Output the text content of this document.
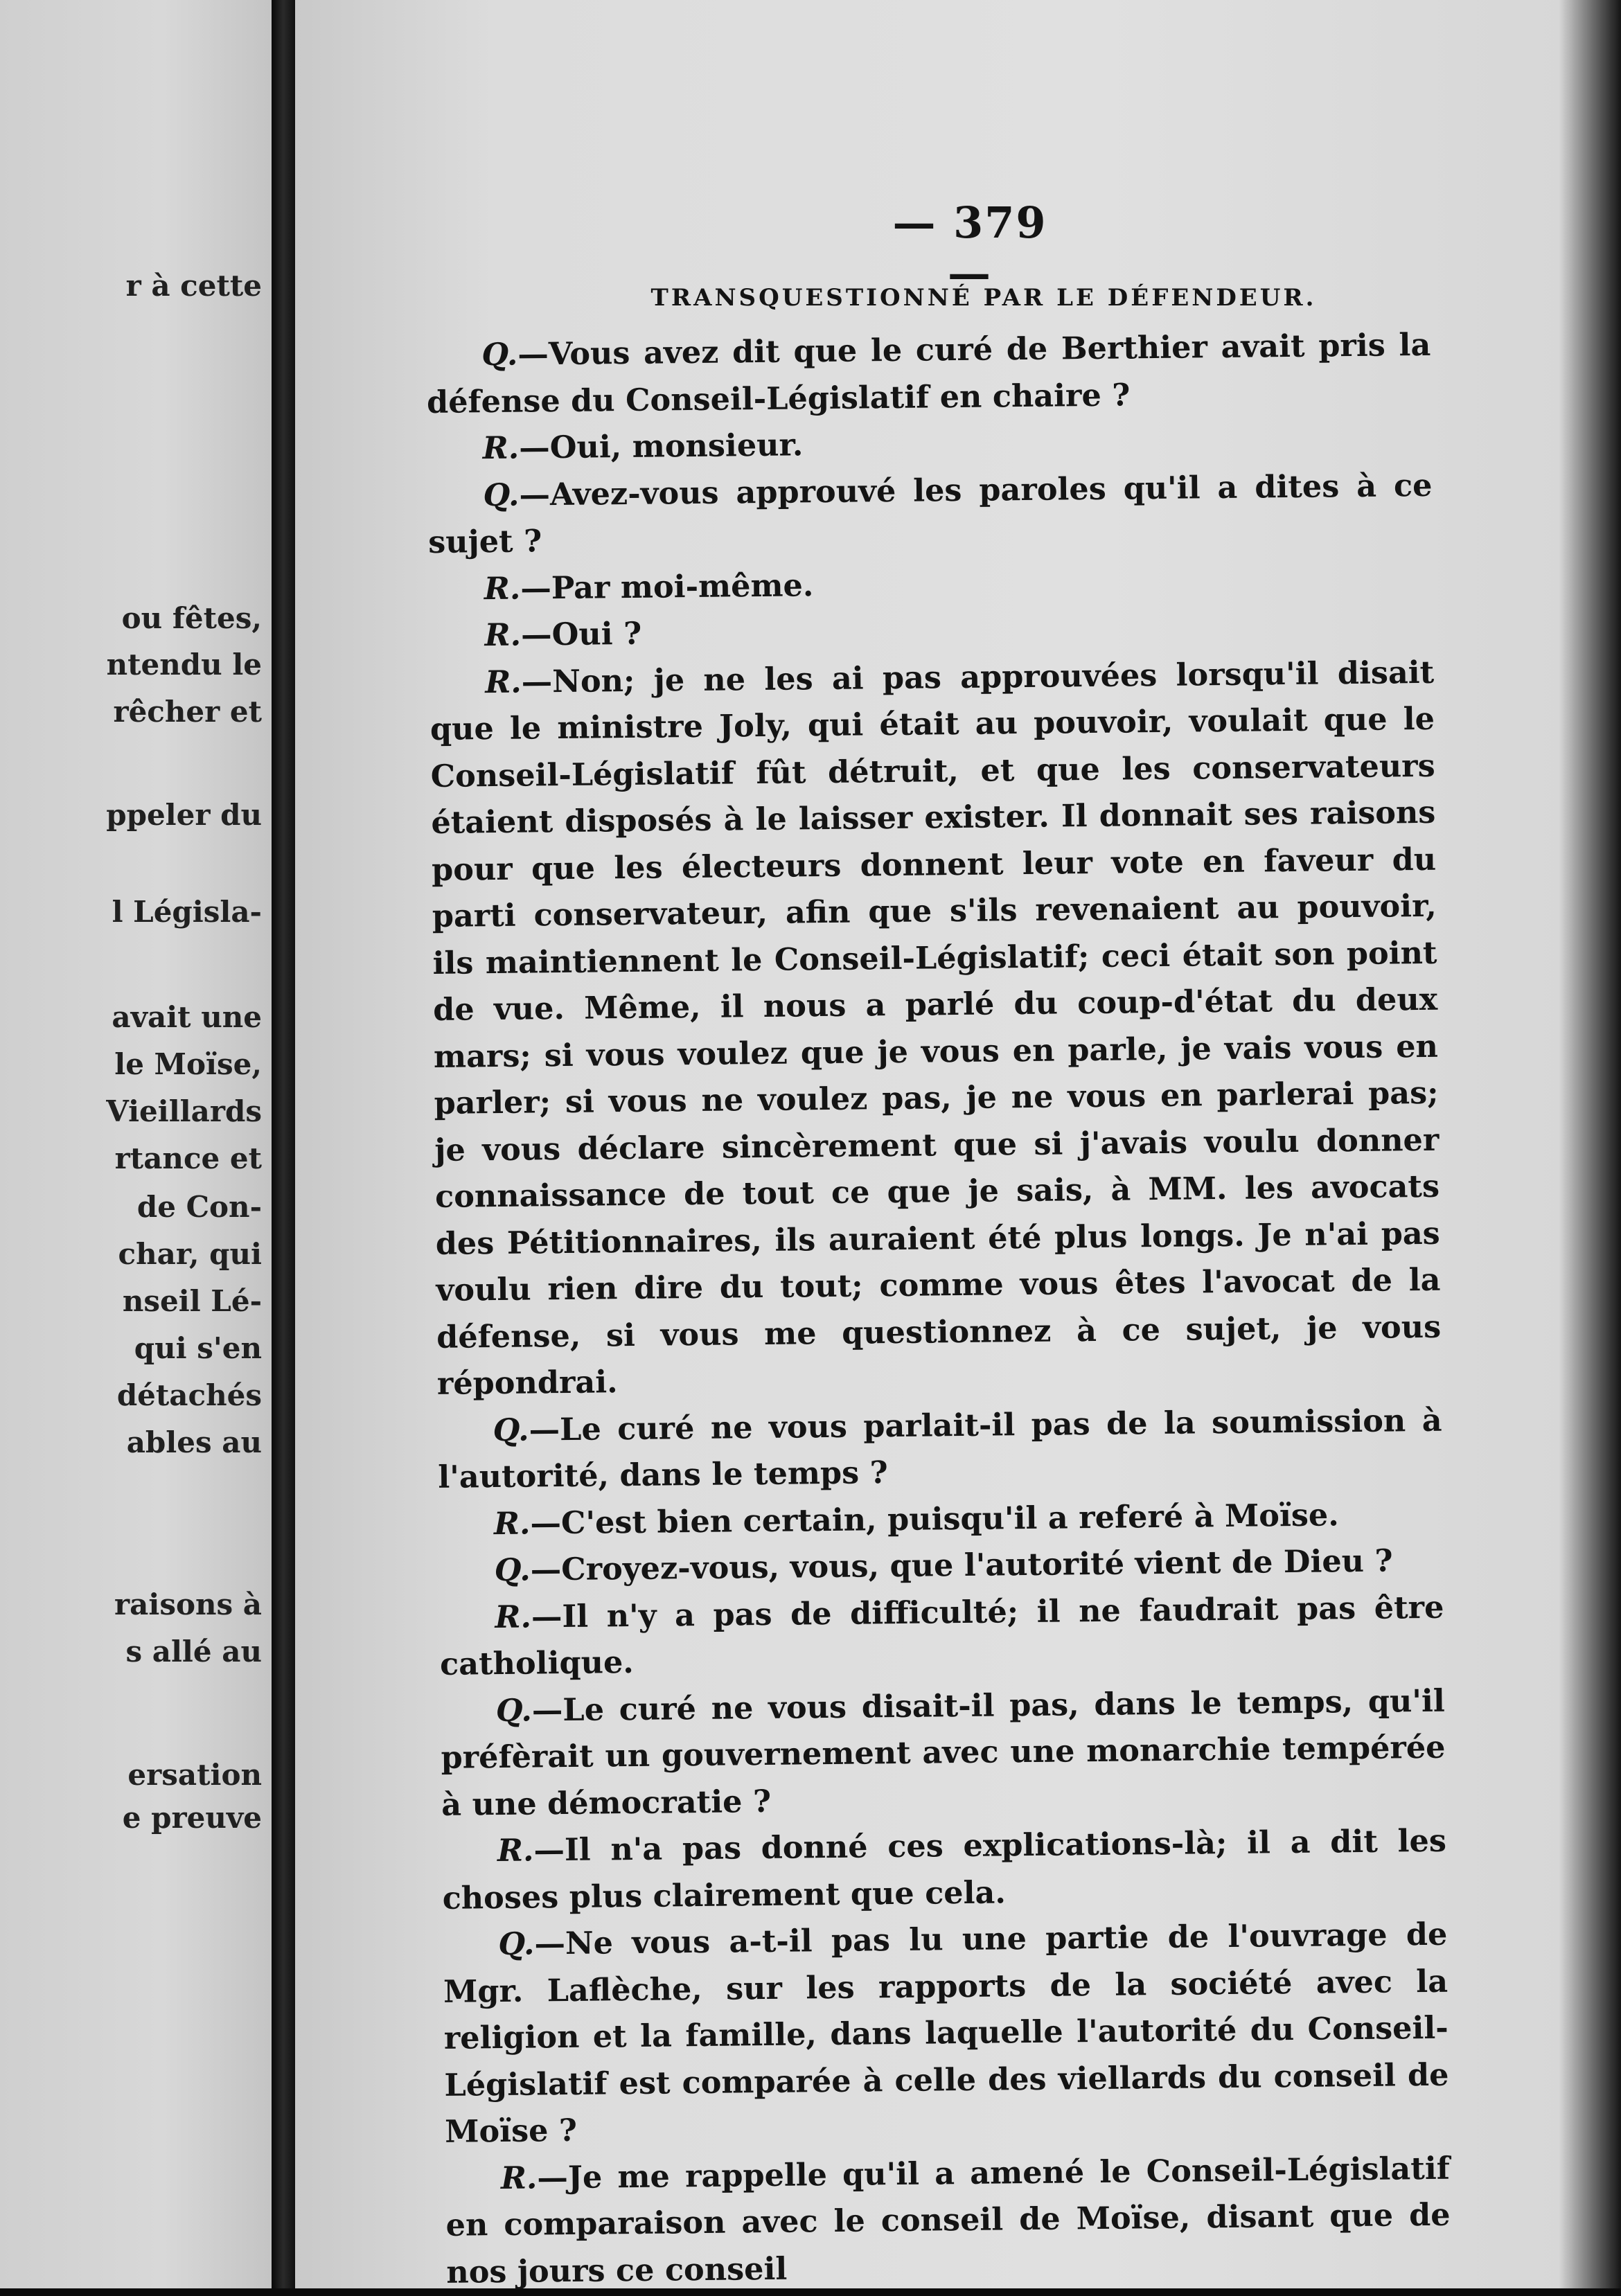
r à cette
ou fêtes,
ntendu le
rêcher et
ppeler du
l Législa-
avait une
le Moïse,
Vieillards
rtance et
de Con-
char, qui
nseil Lé-
qui s'en
détachés
ables au
raisons à
s allé au
ersation
e preuve
— 379 —
TRANSQUESTIONNÉ PAR LE DÉFENDEUR.

Q.—Vous avez dit que le curé de Berthier avait pris la défense du Conseil-Législatif en chaire ?

R.—Oui, monsieur.

Q.—Avez-vous approuvé les paroles qu'il a dites à ce sujet ?

R.—Par moi-même.

R.—Oui ?

R.—Non; je ne les ai pas approuvées lorsqu'il disait que le ministre Joly, qui était au pouvoir, voulait que le Conseil-Législatif fût détruit, et que les conservateurs étaient disposés à le laisser exister. Il donnait ses raisons pour que les électeurs donnent leur vote en faveur du parti conservateur, afin que s'ils revenaient au pouvoir, ils maintiennent le Conseil-Législatif; ceci était son point de vue. Même, il nous a parlé du coup-d'état du deux mars; si vous voulez que je vous en parle, je vais vous en parler; si vous ne voulez pas, je ne vous en parlerai pas; je vous déclare sincèrement que si j'avais voulu donner connaissance de tout ce que je sais, à MM. les avocats des Pétitionnaires, ils auraient été plus longs. Je n'ai pas voulu rien dire du tout; comme vous êtes l'avocat de la défense, si vous me questionnez à ce sujet, je vous répondrai.

Q.—Le curé ne vous parlait-il pas de la soumission à l'autorité, dans le temps ?

R.—C'est bien certain, puisqu'il a referé à Moïse.

Q.—Croyez-vous, vous, que l'autorité vient de Dieu ?

R.—Il n'y a pas de difficulté; il ne faudrait pas être catholique.

Q.—Le curé ne vous disait-il pas, dans le temps, qu'il préfèrait un gouvernement avec une monarchie tempérée à une démocratie ?

R.—Il n'a pas donné ces explications-là; il a dit les choses plus clairement que cela.

Q.—Ne vous a-t-il pas lu une partie de l'ouvrage de Mgr. Laflèche, sur les rapports de la société avec la religion et la famille, dans laquelle l'autorité du Conseil-Législatif est comparée à celle des viellards du conseil de Moïse ?

R.—Je me rappelle qu'il a amené le Conseil-Législatif en comparaison avec le conseil de Moïse, disant que de nos jours ce conseil
